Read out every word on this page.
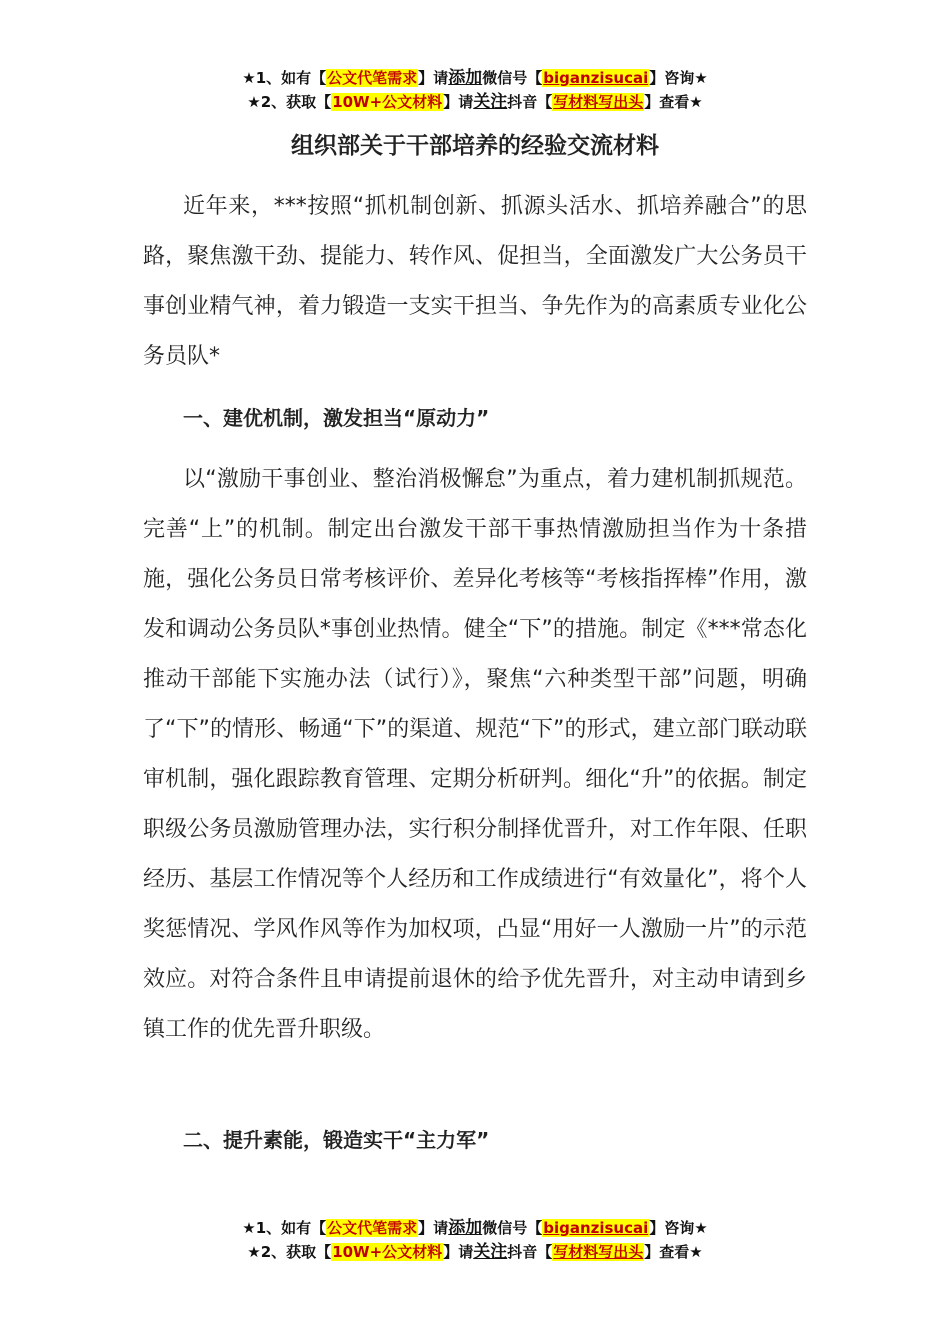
★1、如有【公文代笔需求】请添加微信号【biganzisucai】咨询★
★2、获取【10W+公文材料】请关注抖音【写材料写出头】查看★
组织部关于干部培养的经验交流材料

近年来，***按照“抓机制创新、抓源头活水、抓培养融合”的思路，聚焦激干劲、提能力、转作风、促担当，全面激发广大公务员干事创业精气神，着力锻造一支实干担当、争先作为的高素质专业化公务员队*

一、建优机制，激发担当“原动力”

以“激励干事创业、整治消极懈怠”为重点，着力建机制抓规范。完善“上”的机制。制定出台激发干部干事热情激励担当作为十条措施，强化公务员日常考核评价、差异化考核等“考核指挥棒”作用，激发和调动公务员队*事创业热情。健全“下”的措施。制定《***常态化推动干部能下实施办法（试行）》，聚焦“六种类型干部”问题，明确了“下”的情形、畅通“下”的渠道、规范“下”的形式，建立部门联动联审机制，强化跟踪教育管理、定期分析研判。细化“升”的依据。制定职级公务员激励管理办法，实行积分制择优晋升，对工作年限、任职经历、基层工作情况等个人经历和工作成绩进行“有效量化”，将个人奖惩情况、学风作风等作为加权项，凸显“用好一人激励一片”的示范效应。对符合条件且申请提前退休的给予优先晋升，对主动申请到乡镇工作的优先晋升职级。

二、提升素能，锻造实干“主力军”

★1、如有【公文代笔需求】请添加微信号【biganzisucai】咨询★
★2、获取【10W+公文材料】请关注抖音【写材料写出头】查看★
